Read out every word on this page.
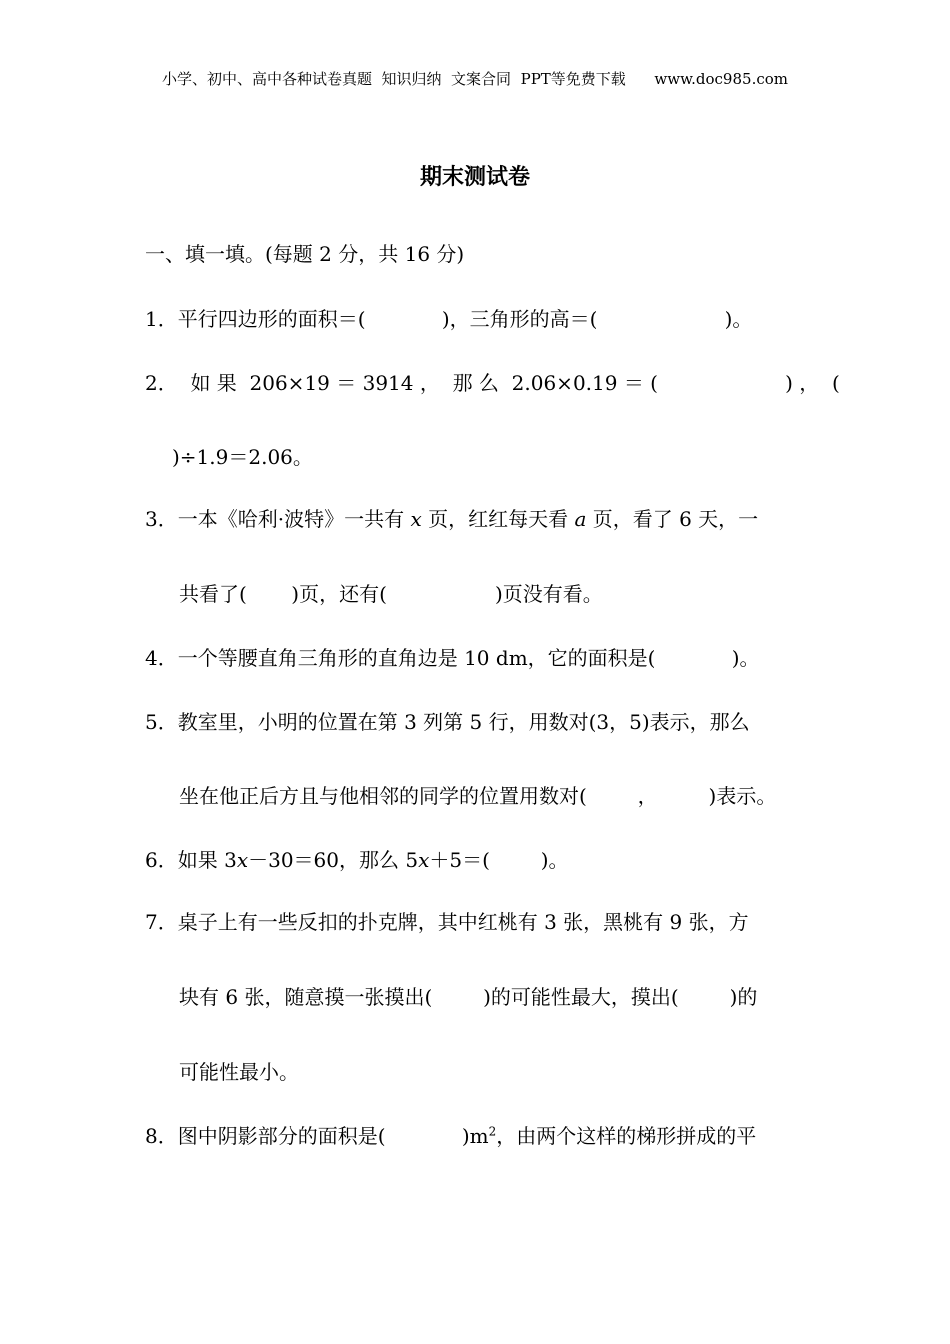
小学、初中、高中各种试卷真题  知识归纳  文案合同  PPT等免费下载      www.doc985.com
期末测试卷
一、填一填。(每题 2 分，共 16 分)
1．平行四边形的面积＝(            )，三角形的高＝(                    )。
2．  如 果  206×19 ＝ 3914 ，  那 么  2.06×0.19 ＝ (                    ) ，  (
)÷1.9＝2.06。
3．一本《哈利·波特》一共有 x 页，红红每天看 a 页，看了 6 天，一
共看了(       )页，还有(                 )页没有看。
4．一个等腰直角三角形的直角边是 10 dm，它的面积是(            )。
5．教室里，小明的位置在第 3 列第 5 行，用数对(3，5)表示，那么
坐在他正后方且与他相邻的同学的位置用数对(        ，        )表示。
6．如果 3x－30＝60，那么 5x＋5＝(        )。
7．桌子上有一些反扣的扑克牌，其中红桃有 3 张，黑桃有 9 张，方
块有 6 张，随意摸一张摸出(        )的可能性最大，摸出(        )的
可能性最小。
8．图中阴影部分的面积是(            )$m^2$，由两个这样的梯形拼成的平
